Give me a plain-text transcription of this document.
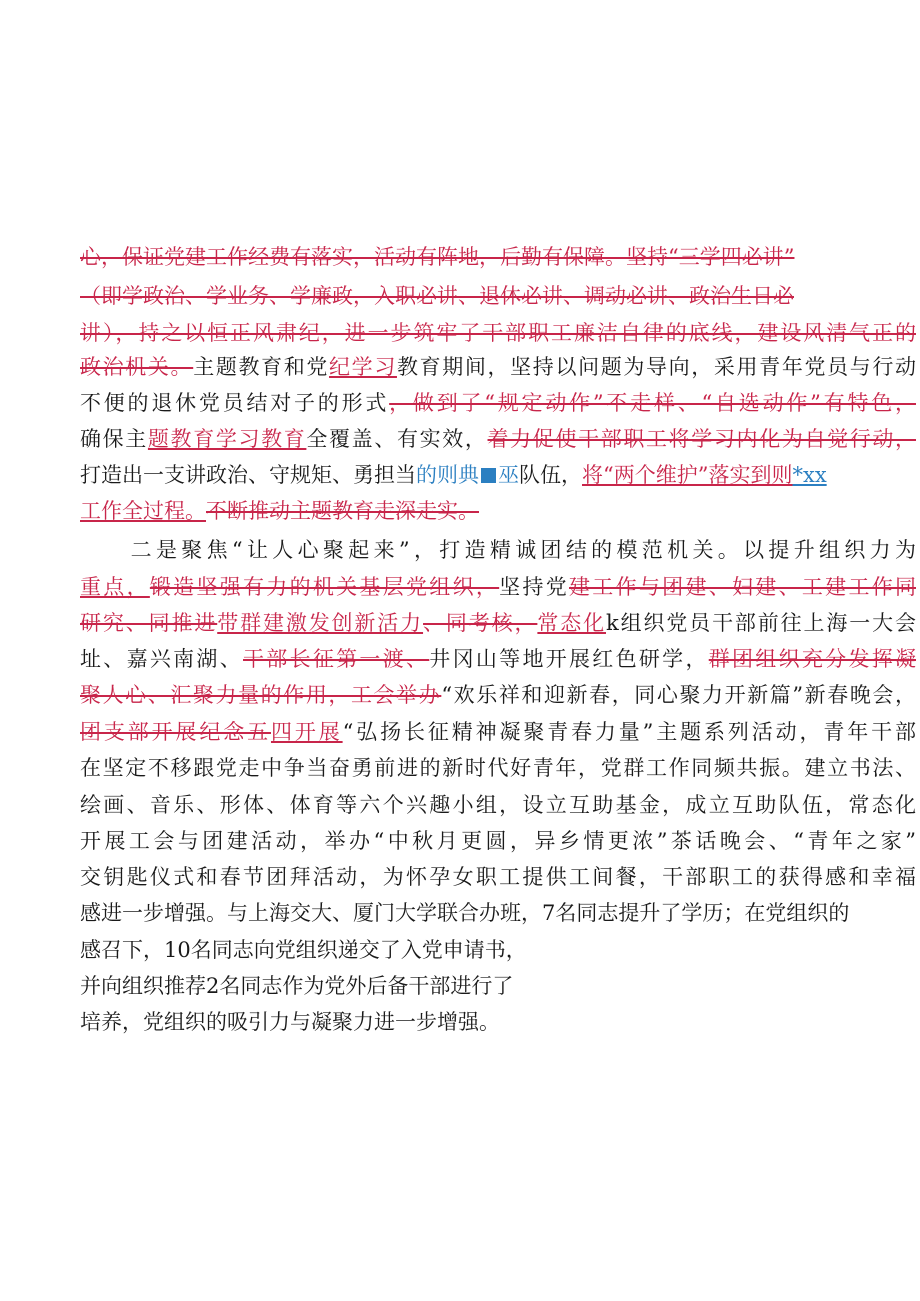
心，保证党建工作经费有落实，活动有阵地，后勤有保障。坚持“三学四必讲”
（即学政治、学业务、学廉政，入职必讲、退休必讲、调动必讲、政治生日必
讲），持之以恒正风肃纪，进一步筑牢了干部职工廉洁自律的底线，建设风清气正的
政治机关。主题教育和党纪学习教育期间，坚持以问题为导向，采用青年党员与行动
不便的退休党员结对子的形式，做到了“规定动作”不走样、“自选动作”有特色，
确保主题教育学习教育全覆盖、有实效，着力促使干部职工将学习内化为自觉行动，
打造出一支讲政治、守规矩、勇担当的则典 巫队伍，将“两个维护”落实到则*xx
工作全过程。不断推动主题教育走深走实。
　　二是聚焦“让人心聚起来”，打造精诚团结的模范机关。以提升组织力为
重点，锻造坚强有力的机关基层党组织，坚持党建工作与团建、妇建、工建工作同
研究、同推进带群建激发创新活力、同考核，常态化k组织党员干部前往上海一大会
址、嘉兴南湖、干部长征第一渡、井冈山等地开展红色研学，群团组织充分发挥凝
聚人心、汇聚力量的作用，工会举办“欢乐祥和迎新春，同心聚力开新篇”新春晚会，
团支部开展纪念五四开展“弘扬长征精神凝聚青春力量”主题系列活动，青年干部
在坚定不移跟党走中争当奋勇前进的新时代好青年，党群工作同频共振。建立书法、
绘画、音乐、形体、体育等六个兴趣小组，设立互助基金，成立互助队伍，常态化
开展工会与团建活动，举办“中秋月更圆，异乡情更浓”茶话晚会、“青年之家”
交钥匙仪式和春节团拜活动，为怀孕女职工提供工间餐，干部职工的获得感和幸福
感进一步增强。与上海交大、厦门大学联合办班，7名同志提升了学历；在党组织的
感召下，10名同志向党组织递交了入党申请书，
并向组织推荐2名同志作为党外后备干部进行了
培养，党组织的吸引力与凝聚力进一步增强。
